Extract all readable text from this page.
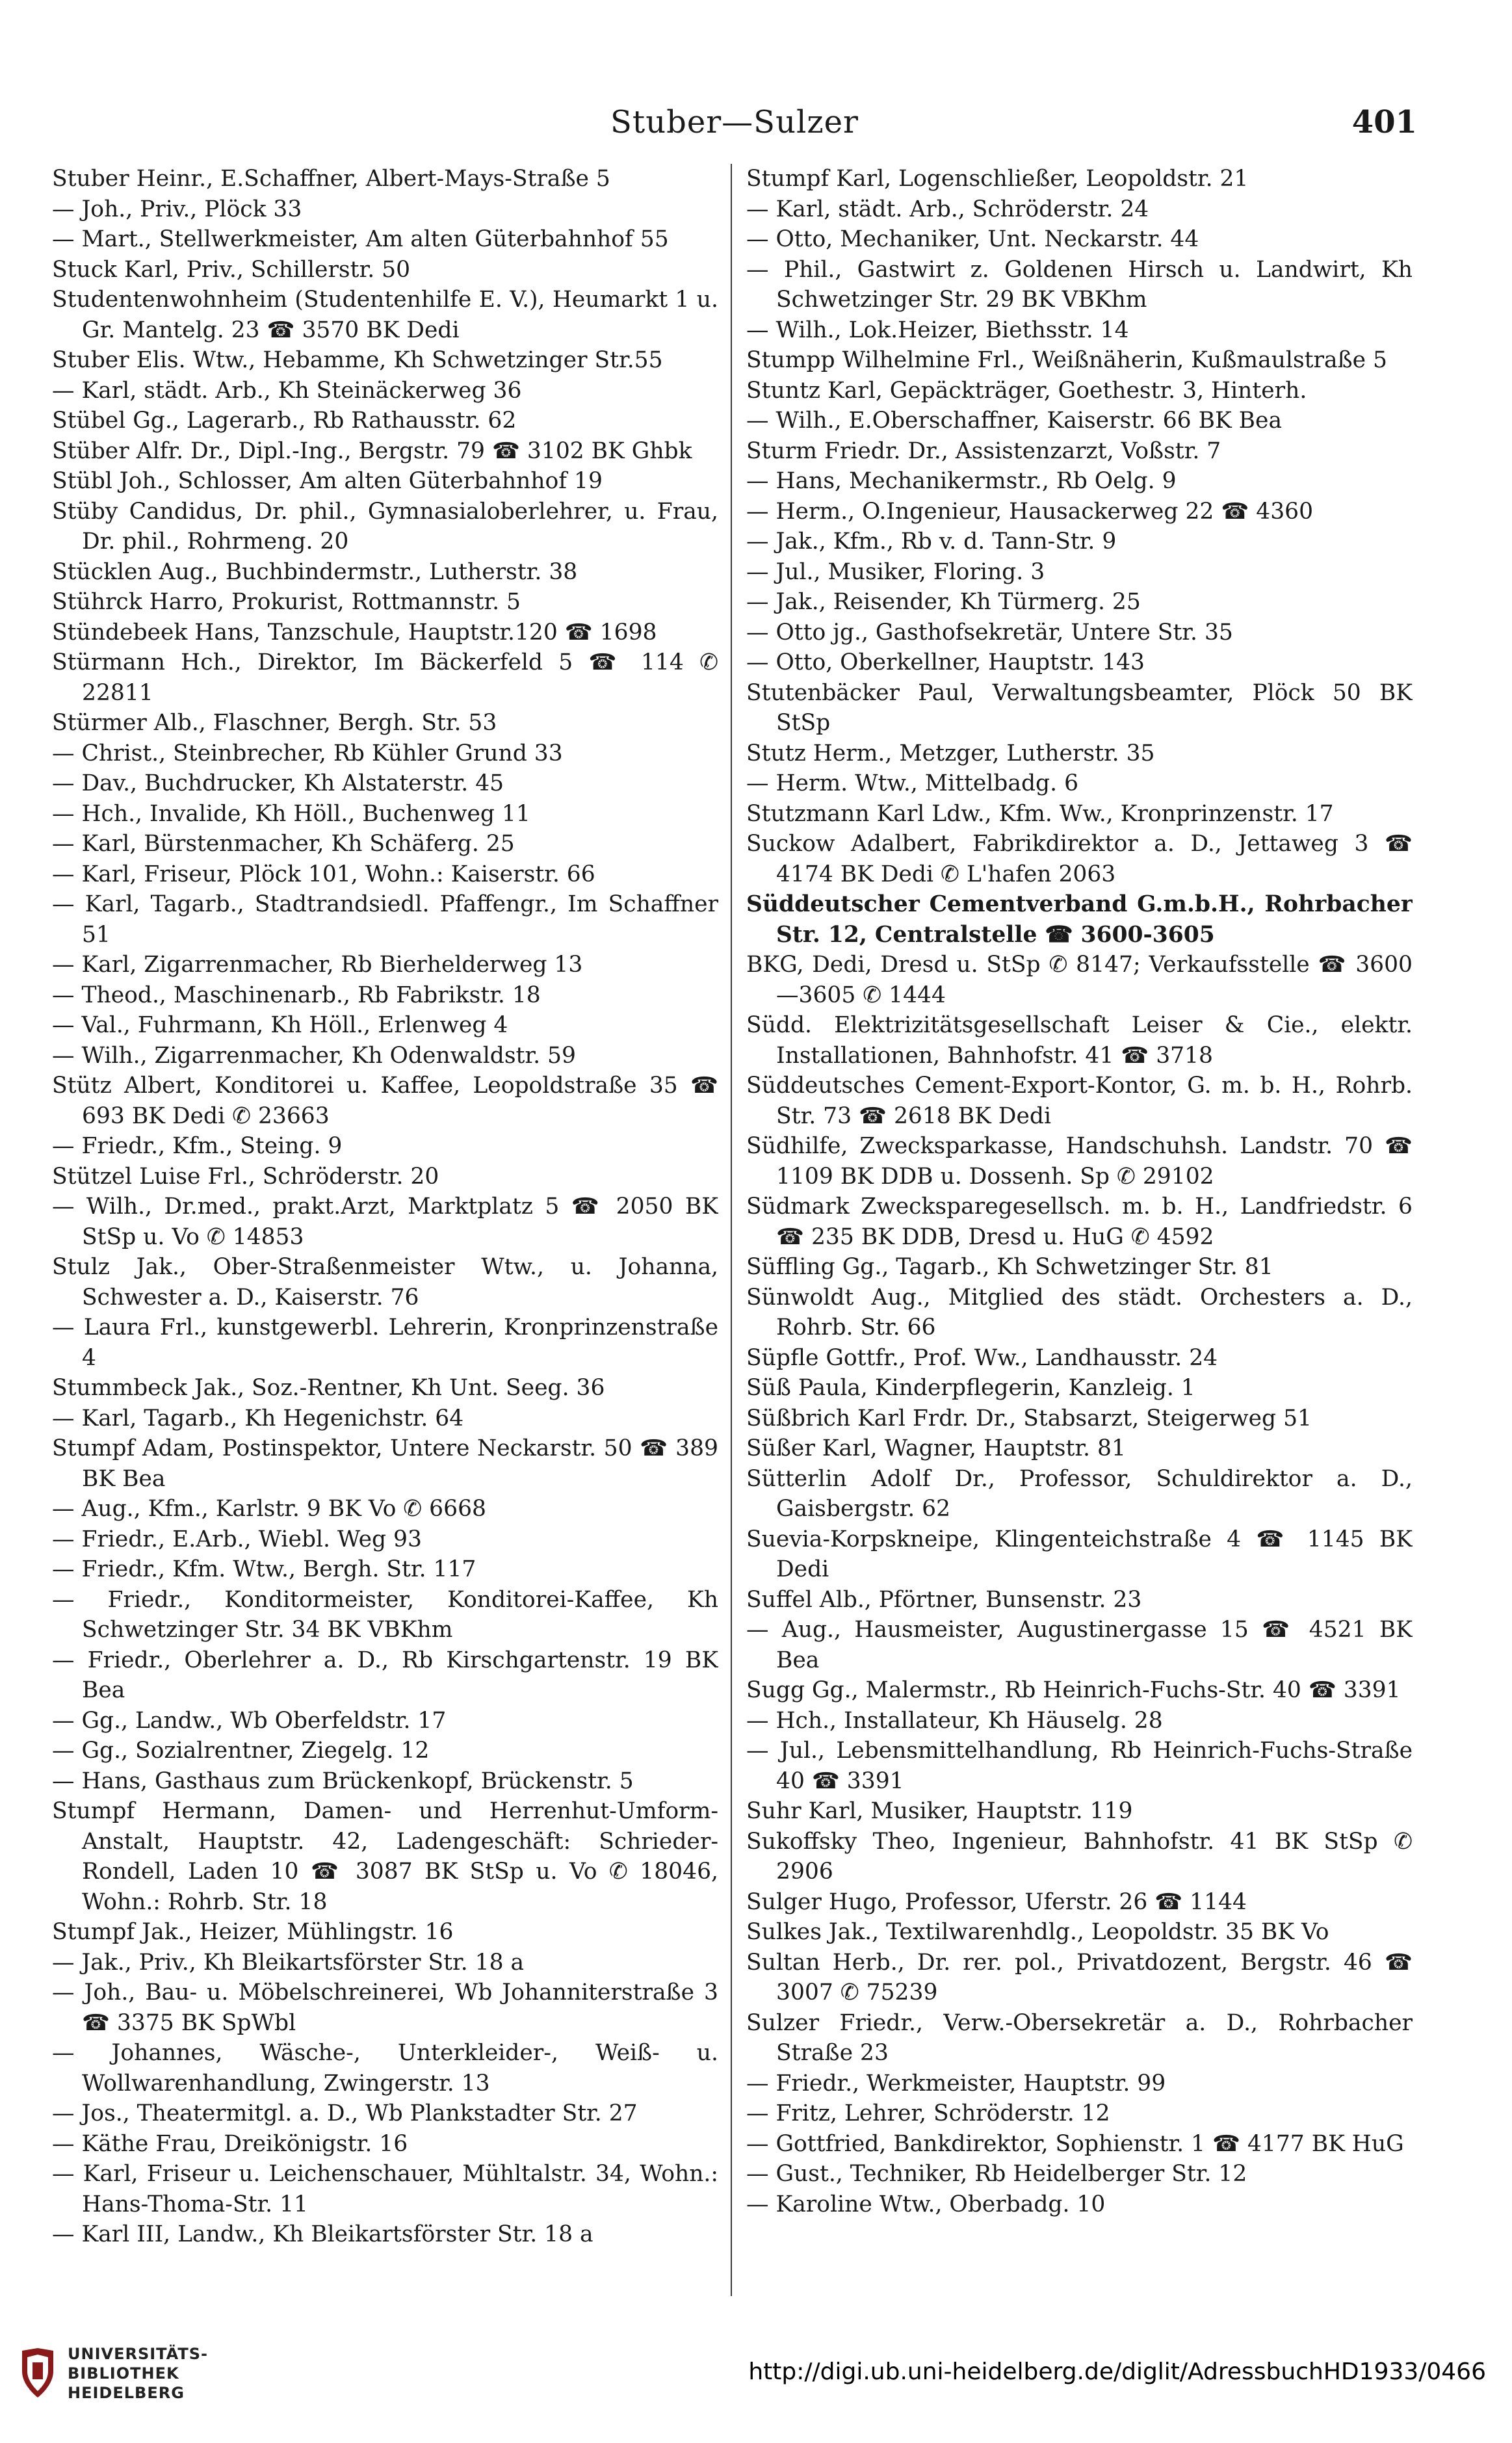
Stuber—Sulzer	401
Stuber Heinr., E.Schaffner, Albert-Mays-Straße 5
— Joh., Priv., Plöck 33
— Mart., Stellwerkmeister, Am alten Güterbahnhof 55
Stuck Karl, Priv., Schillerstr. 50
Studentenwohnheim (Studentenhilfe E. V.), Heumarkt 1 u. Gr. Mantelg. 23 ☎ 3570 BK Dedi
Stuber Elis. Wtw., Hebamme, Kh Schwetzinger Str.55
— Karl, städt. Arb., Kh Steinäckerweg 36
Stübel Gg., Lagerarb., Rb Rathausstr. 62
Stüber Alfr. Dr., Dipl.-Ing., Bergstr. 79 ☎ 3102 BK Ghbk
Stübl Joh., Schlosser, Am alten Güterbahnhof 19
Stüby Candidus, Dr. phil., Gymnasialoberlehrer, u. Frau, Dr. phil., Rohrmeng. 20
Stücklen Aug., Buchbindermstr., Lutherstr. 38
Stührck Harro, Prokurist, Rottmannstr. 5
Stündebeek Hans, Tanzschule, Hauptstr.120 ☎ 1698
Stürmann Hch., Direktor, Im Bäckerfeld 5 ☎ 114 ✆ 22811
Stürmer Alb., Flaschner, Bergh. Str. 53
— Christ., Steinbrecher, Rb Kühler Grund 33
— Dav., Buchdrucker, Kh Alstaterstr. 45
— Hch., Invalide, Kh Höll., Buchenweg 11
— Karl, Bürstenmacher, Kh Schäferg. 25
— Karl, Friseur, Plöck 101, Wohn.: Kaiserstr. 66
— Karl, Tagarb., Stadtrandsiedl. Pfaffengr., Im Schaffner 51
— Karl, Zigarrenmacher, Rb Bierhelderweg 13
— Theod., Maschinenarb., Rb Fabrikstr. 18
— Val., Fuhrmann, Kh Höll., Erlenweg 4
— Wilh., Zigarrenmacher, Kh Odenwaldstr. 59
Stütz Albert, Konditorei u. Kaffee, Leopoldstraße 35 ☎ 693 BK Dedi ✆ 23663
— Friedr., Kfm., Steing. 9
Stützel Luise Frl., Schröderstr. 20
— Wilh., Dr.med., prakt.Arzt, Marktplatz 5 ☎ 2050 BK StSp u. Vo ✆ 14853
Stulz Jak., Ober-Straßenmeister Wtw., u. Johanna, Schwester a. D., Kaiserstr. 76
— Laura Frl., kunstgewerbl. Lehrerin, Kronprinzenstraße 4
Stummbeck Jak., Soz.-Rentner, Kh Unt. Seeg. 36
— Karl, Tagarb., Kh Hegenichstr. 64
Stumpf Adam, Postinspektor, Untere Neckarstr. 50 ☎ 389 BK Bea
— Aug., Kfm., Karlstr. 9 BK Vo ✆ 6668
— Friedr., E.Arb., Wiebl. Weg 93
— Friedr., Kfm. Wtw., Bergh. Str. 117
— Friedr., Konditormeister, Konditorei-Kaffee, Kh Schwetzinger Str. 34 BK VBKhm
— Friedr., Oberlehrer a. D., Rb Kirschgartenstr. 19 BK Bea
— Gg., Landw., Wb Oberfeldstr. 17
— Gg., Sozialrentner, Ziegelg. 12
— Hans, Gasthaus zum Brückenkopf, Brückenstr. 5
Stumpf Hermann, Damen- und Herrenhut-Umform-Anstalt, Hauptstr. 42, Ladengeschäft: Schrieder-Rondell, Laden 10 ☎ 3087 BK StSp u. Vo ✆ 18046, Wohn.: Rohrb. Str. 18
Stumpf Jak., Heizer, Mühlingstr. 16
— Jak., Priv., Kh Bleikartsförster Str. 18 a
— Joh., Bau- u. Möbelschreinerei, Wb Johanniterstraße 3 ☎ 3375 BK SpWbl
— Johannes, Wäsche-, Unterkleider-, Weiß- u. Wollwarenhandlung, Zwingerstr. 13
— Jos., Theatermitgl. a. D., Wb Plankstadter Str. 27
— Käthe Frau, Dreikönigstr. 16
— Karl, Friseur u. Leichenschauer, Mühltalstr. 34, Wohn.: Hans-Thoma-Str. 11
— Karl III, Landw., Kh Bleikartsförster Str. 18 a
Stumpf Karl, Logenschließer, Leopoldstr. 21
— Karl, städt. Arb., Schröderstr. 24
— Otto, Mechaniker, Unt. Neckarstr. 44
— Phil., Gastwirt z. Goldenen Hirsch u. Landwirt, Kh Schwetzinger Str. 29 BK VBKhm
— Wilh., Lok.Heizer, Biethsstr. 14
Stumpp Wilhelmine Frl., Weißnäherin, Kußmaulstraße 5
Stuntz Karl, Gepäckträger, Goethestr. 3, Hinterh.
— Wilh., E.Oberschaffner, Kaiserstr. 66 BK Bea
Sturm Friedr. Dr., Assistenzarzt, Voßstr. 7
— Hans, Mechanikermstr., Rb Oelg. 9
— Herm., O.Ingenieur, Hausackerweg 22 ☎ 4360
— Jak., Kfm., Rb v. d. Tann-Str. 9
— Jul., Musiker, Floring. 3
— Jak., Reisender, Kh Türmerg. 25
— Otto jg., Gasthofsekretär, Untere Str. 35
— Otto, Oberkellner, Hauptstr. 143
Stutenbäcker Paul, Verwaltungsbeamter, Plöck 50 BK StSp
Stutz Herm., Metzger, Lutherstr. 35
— Herm. Wtw., Mittelbadg. 6
Stutzmann Karl Ldw., Kfm. Ww., Kronprinzenstr. 17
Suckow Adalbert, Fabrikdirektor a. D., Jettaweg 3 ☎ 4174 BK Dedi ✆ L'hafen 2063
Süddeutscher Cementverband G.m.b.H., Rohrbacher Str. 12, Centralstelle ☎ 3600-3605
BKG, Dedi, Dresd u. StSp ✆ 8147; Verkaufsstelle ☎ 3600—3605 ✆ 1444
Südd. Elektrizitätsgesellschaft Leiser & Cie., elektr. Installationen, Bahnhofstr. 41 ☎ 3718
Süddeutsches Cement-Export-Kontor, G. m. b. H., Rohrb. Str. 73 ☎ 2618 BK Dedi
Südhilfe, Zwecksparkasse, Handschuhsh. Landstr. 70 ☎ 1109 BK DDB u. Dossenh. Sp ✆ 29102
Südmark Zwecksparegesellsch. m. b. H., Landfriedstr. 6 ☎ 235 BK DDB, Dresd u. HuG ✆ 4592
Süffling Gg., Tagarb., Kh Schwetzinger Str. 81
Sünwoldt Aug., Mitglied des städt. Orchesters a. D., Rohrb. Str. 66
Süpfle Gottfr., Prof. Ww., Landhausstr. 24
Süß Paula, Kinderpflegerin, Kanzleig. 1
Süßbrich Karl Frdr. Dr., Stabsarzt, Steigerweg 51
Süßer Karl, Wagner, Hauptstr. 81
Sütterlin Adolf Dr., Professor, Schuldirektor a. D., Gaisbergstr. 62
Suevia-Korpskneipe, Klingenteichstraße 4 ☎ 1145 BK Dedi
Suffel Alb., Pförtner, Bunsenstr. 23
— Aug., Hausmeister, Augustinergasse 15 ☎ 4521 BK Bea
Sugg Gg., Malermstr., Rb Heinrich-Fuchs-Str. 40 ☎ 3391
— Hch., Installateur, Kh Häuselg. 28
— Jul., Lebensmittelhandlung, Rb Heinrich-Fuchs-Straße 40 ☎ 3391
Suhr Karl, Musiker, Hauptstr. 119
Sukoffsky Theo, Ingenieur, Bahnhofstr. 41 BK StSp ✆ 2906
Sulger Hugo, Professor, Uferstr. 26 ☎ 1144
Sulkes Jak., Textilwarenhdlg., Leopoldstr. 35 BK Vo
Sultan Herb., Dr. rer. pol., Privatdozent, Bergstr. 46 ☎ 3007 ✆ 75239
Sulzer Friedr., Verw.-Obersekretär a. D., Rohrbacher Straße 23
— Friedr., Werkmeister, Hauptstr. 99
— Fritz, Lehrer, Schröderstr. 12
— Gottfried, Bankdirektor, Sophienstr. 1 ☎ 4177 BK HuG
— Gust., Techniker, Rb Heidelberger Str. 12
— Karoline Wtw., Oberbadg. 10
UNIVERSITÄTS-
BIBLIOTHEK
HEIDELBERG
http://digi.ub.uni-heidelberg.de/diglit/AdressbuchHD1933/0466
